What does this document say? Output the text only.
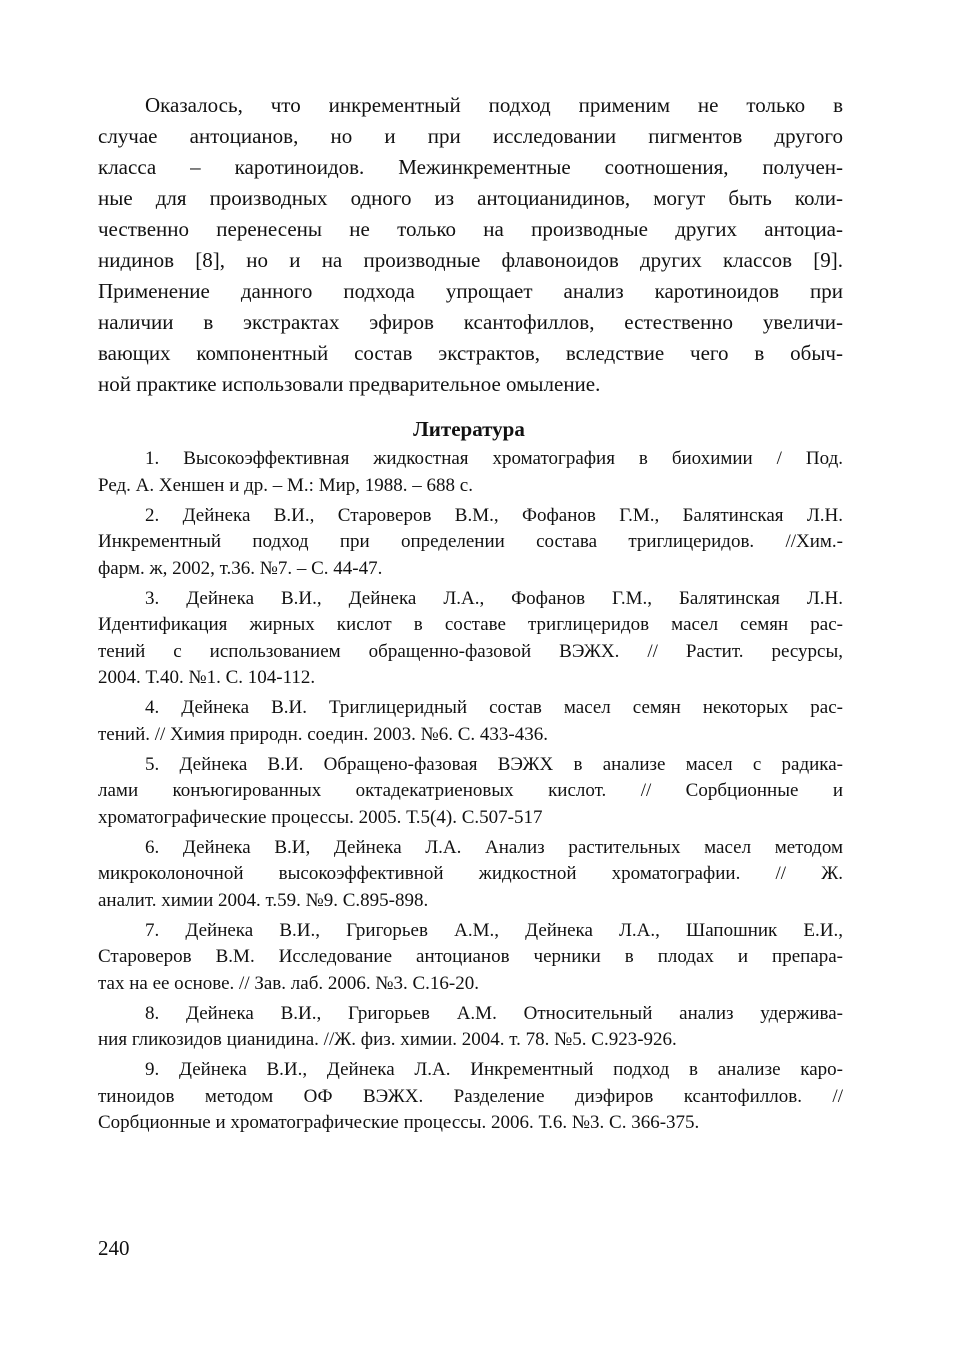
Оказалось, что инкрементный подход применим не только в
случае антоцианов, но и при исследовании пигментов другого
класса – каротиноидов. Межинкрементные соотношения, получен-
ные для производных одного из антоцианидинов, могут быть коли-
чественно перенесены не только на производные других антоциа-
нидинов [8], но и на производные флавоноидов других классов [9].
Применение данного подхода упрощает анализ каротиноидов при
наличии в экстрактах эфиров ксантофиллов, естественно увеличи-
вающих компонентный состав экстрактов, вследствие чего в обыч-
ной практике использовали предварительное омыление.
Литература
1. Высокоэффективная жидкостная хроматография в биохимии / Под.
Ред. А. Хеншен и др. – М.: Мир, 1988. – 688 с.
2. Дейнека В.И., Староверов В.М., Фофанов Г.М., Балятинская Л.Н.
Инкрементный подход при определении состава триглицеридов. //Хим.-
фарм. ж, 2002, т.36. №7. – С. 44-47.
3. Дейнека В.И., Дейнека Л.А., Фофанов Г.М., Балятинская Л.Н.
Идентификация жирных кислот в составе триглицеридов масел семян рас-
тений с использованием обращенно-фазовой ВЭЖХ. // Растит. ресурсы,
2004. Т.40. №1. С. 104-112.
4. Дейнека В.И. Триглицеридный состав масел семян некоторых рас-
тений. // Химия природн. соедин. 2003. №6. С. 433-436.
5. Дейнека В.И. Обращено-фазовая ВЭЖХ в анализе масел с радика-
лами конъюгированных октадекатриеновых кислот. // Сорбционные и
хроматографические процессы. 2005. Т.5(4). С.507-517
6. Дейнека В.И, Дейнека Л.А. Анализ растительных масел методом
микроколоночной высокоэффективной жидкостной хроматографии. // Ж.
аналит. химии 2004. т.59. №9. С.895-898.
7. Дейнека В.И., Григорьев А.М., Дейнека Л.А., Шапошник Е.И.,
Староверов В.М. Исследование антоцианов черники в плодах и препара-
тах на ее основе. // Зав. лаб. 2006. №3. С.16-20.
8. Дейнека В.И., Григорьев А.М. Относительный анализ удержива-
ния гликозидов цианидина. //Ж. физ. химии. 2004. т. 78. №5. С.923-926.
9. Дейнека В.И., Дейнека Л.А. Инкрементный подход в анализе каро-
тиноидов методом ОФ ВЭЖХ. Разделение диэфиров ксантофиллов. //
Сорбционные и хроматографические процессы. 2006. Т.6. №3. С. 366-375.
240
